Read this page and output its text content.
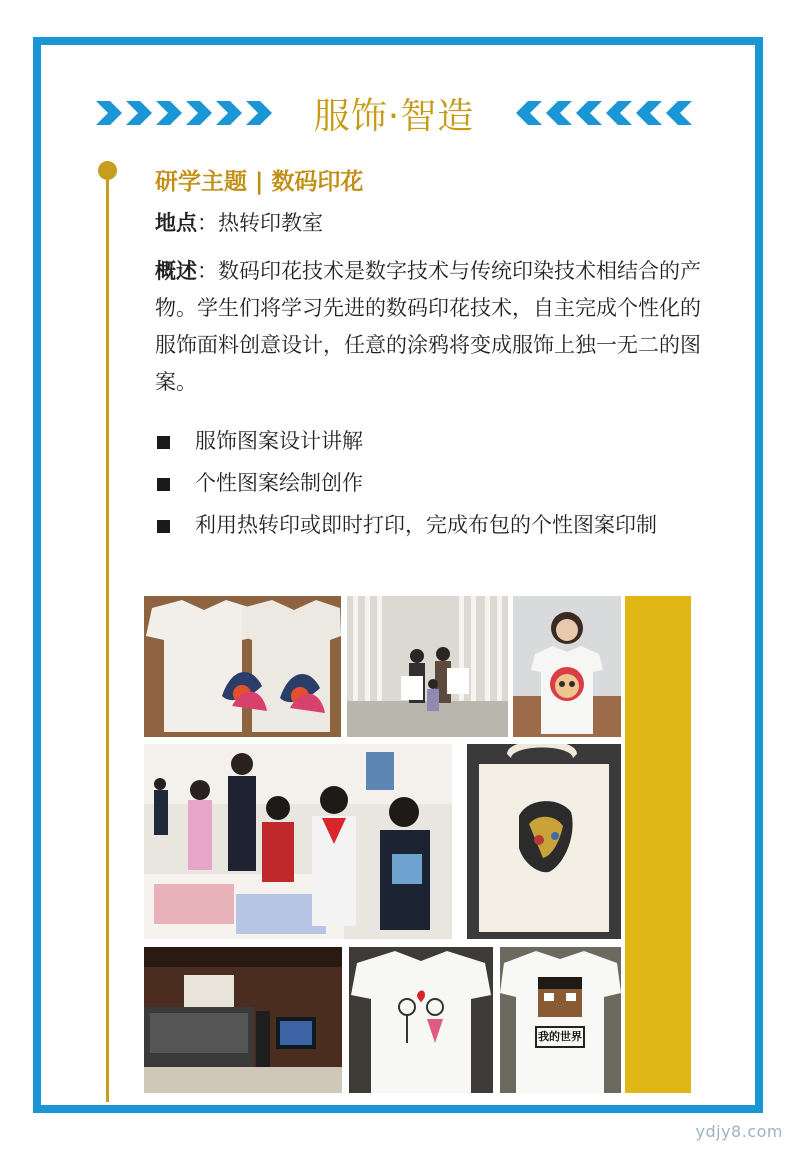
服饰·智造
研学主题 | 数码印花
地点：热转印教室
概述：数码印花技术是数字技术与传统印染技术相结合的产物。学生们将学习先进的数码印花技术，自主完成个性化的服饰面料创意设计，任意的涂鸦将变成服饰上独一无二的图案。
服饰图案设计讲解
个性图案绘制创作
利用热转印或即时打印，完成布包的个性图案印制
我的世界
ydjy8.com
